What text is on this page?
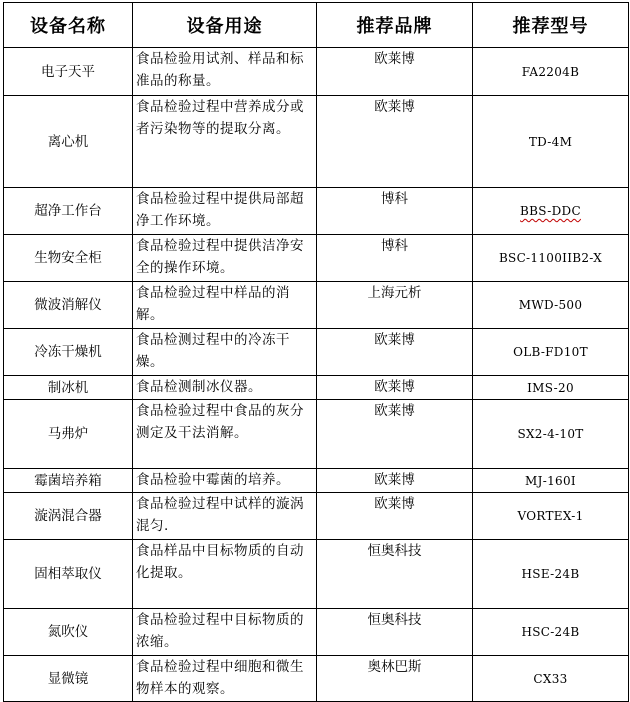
设备名称	设备用途	推荐品牌	推荐型号
电子天平	食品检验用试剂、样品和标准品的称量。	欧莱博	FA2204B
离心机	食品检验过程中营养成分或者污染物等的提取分离。	欧莱博	TD-4M
超净工作台	食品检验过程中提供局部超净工作环境。	博科	BBS-DDC
生物安全柜	食品检验过程中提供洁净安全的操作环境。	博科	BSC-1100IIB2-X
微波消解仪	食品检验过程中样品的消解。	上海元析	MWD-500
冷冻干燥机	食品检测过程中的冷冻干燥。	欧莱博	OLB-FD10T
制冰机	食品检测制冰仪器。	欧莱博	IMS-20
马弗炉	食品检验过程中食品的灰分测定及干法消解。	欧莱博	SX2-4-10T
霉菌培养箱	食品检验中霉菌的培养。	欧莱博	MJ-160I
漩涡混合器	食品检验过程中试样的漩涡混匀.	欧莱博	VORTEX-1
固相萃取仪	食品样品中目标物质的自动化提取。	恒奥科技	HSE-24B
氮吹仪	食品检验过程中目标物质的浓缩。	恒奥科技	HSC-24B
显微镜	食品检验过程中细胞和微生物样本的观察。	奥林巴斯	CX33
